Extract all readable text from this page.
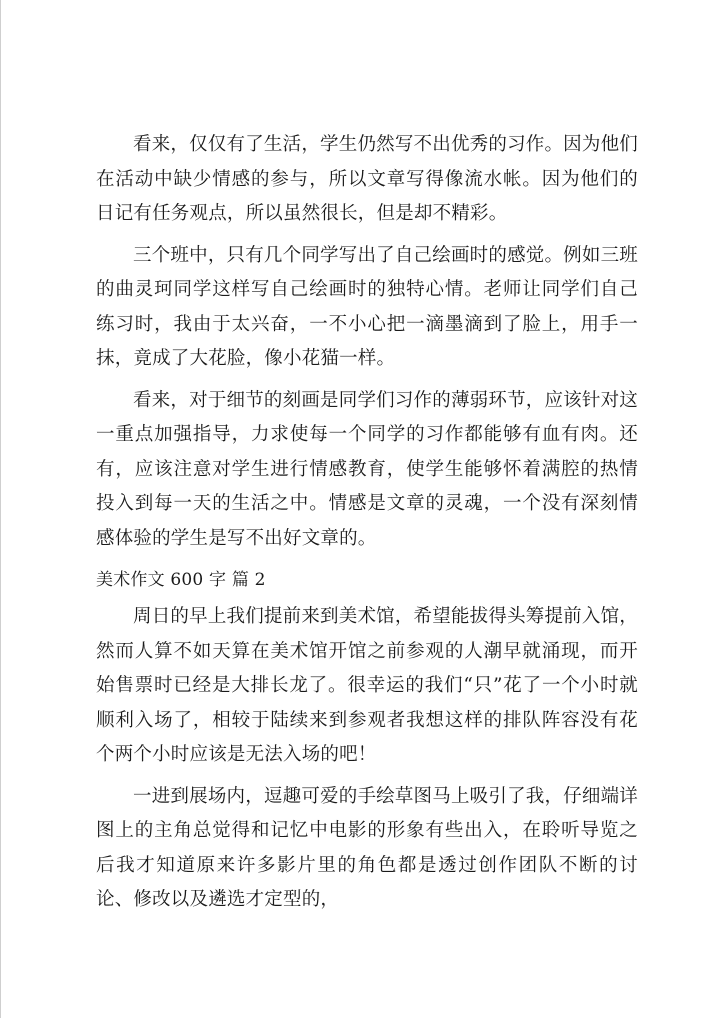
看来，仅仅有了生活，学生仍然写不出优秀的习作。因为他们在活动中缺少情感的参与，所以文章写得像流水帐。因为他们的日记有任务观点，所以虽然很长，但是却不精彩。

三个班中，只有几个同学写出了自己绘画时的感觉。例如三班的曲灵珂同学这样写自己绘画时的独特心情。老师让同学们自己练习时，我由于太兴奋，一不小心把一滴墨滴到了脸上，用手一抹，竟成了大花脸，像小花猫一样。

看来，对于细节的刻画是同学们习作的薄弱环节，应该针对这一重点加强指导，力求使每一个同学的习作都能够有血有肉。还有，应该注意对学生进行情感教育，使学生能够怀着满腔的热情投入到每一天的生活之中。情感是文章的灵魂，一个没有深刻情感体验的学生是写不出好文章的。

美术作文 600 字 篇 2

周日的早上我们提前来到美术馆，希望能拔得头筹提前入馆，然而人算不如天算在美术馆开馆之前参观的人潮早就涌现，而开始售票时已经是大排长龙了。很幸运的我们“只”花了一个小时就顺利入场了，相较于陆续来到参观者我想这样的排队阵容没有花个两个小时应该是无法入场的吧！

一进到展场内，逗趣可爱的手绘草图马上吸引了我，仔细端详图上的主角总觉得和记忆中电影的形象有些出入，在聆听导览之后我才知道原来许多影片里的角色都是透过创作团队不断的讨论、修改以及遴选才定型的，
